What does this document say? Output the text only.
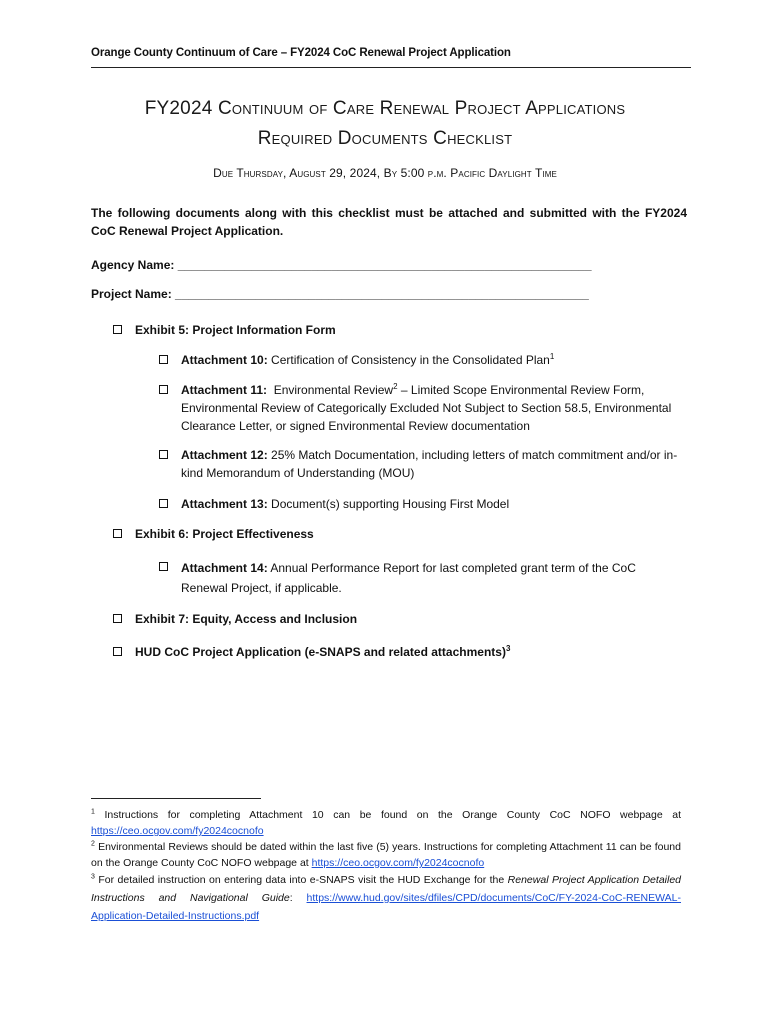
Orange County Continuum of Care – FY2024 CoC Renewal Project Application
FY2024 Continuum of Care Renewal Project Applications
Required Documents Checklist
Due Thursday, August 29, 2024, By 5:00 p.m. Pacific Daylight Time
The following documents along with this checklist must be attached and submitted with the FY2024 CoC Renewal Project Application.
Agency Name: ______________________________________________________________
Project Name: ______________________________________________________________
Exhibit 5: Project Information Form
Attachment 10: Certification of Consistency in the Consolidated Plan$^1$
Attachment 11: Environmental Review$^2$ – Limited Scope Environmental Review Form, Environmental Review of Categorically Excluded Not Subject to Section 58.5, Environmental Clearance Letter, or signed Environmental Review documentation
Attachment 12: 25% Match Documentation, including letters of match commitment and/or in-kind Memorandum of Understanding (MOU)
Attachment 13: Document(s) supporting Housing First Model
Exhibit 6: Project Effectiveness
Attachment 14: Annual Performance Report for last completed grant term of the CoC Renewal Project, if applicable.
Exhibit 7: Equity, Access and Inclusion
HUD CoC Project Application (e-SNAPS and related attachments)$^3$
$^1$ Instructions for completing Attachment 10 can be found on the Orange County CoC NOFO webpage at https://ceo.ocgov.com/fy2024cocnofo
$^2$ Environmental Reviews should be dated within the last five (5) years. Instructions for completing Attachment 11 can be found on the Orange County CoC NOFO webpage at https://ceo.ocgov.com/fy2024cocnofo
$^3$ For detailed instruction on entering data into e-SNAPS visit the HUD Exchange for the Renewal Project Application Detailed Instructions and Navigational Guide: https://www.hud.gov/sites/dfiles/CPD/documents/CoC/FY-2024-CoC-RENEWAL-Application-Detailed-Instructions.pdf
